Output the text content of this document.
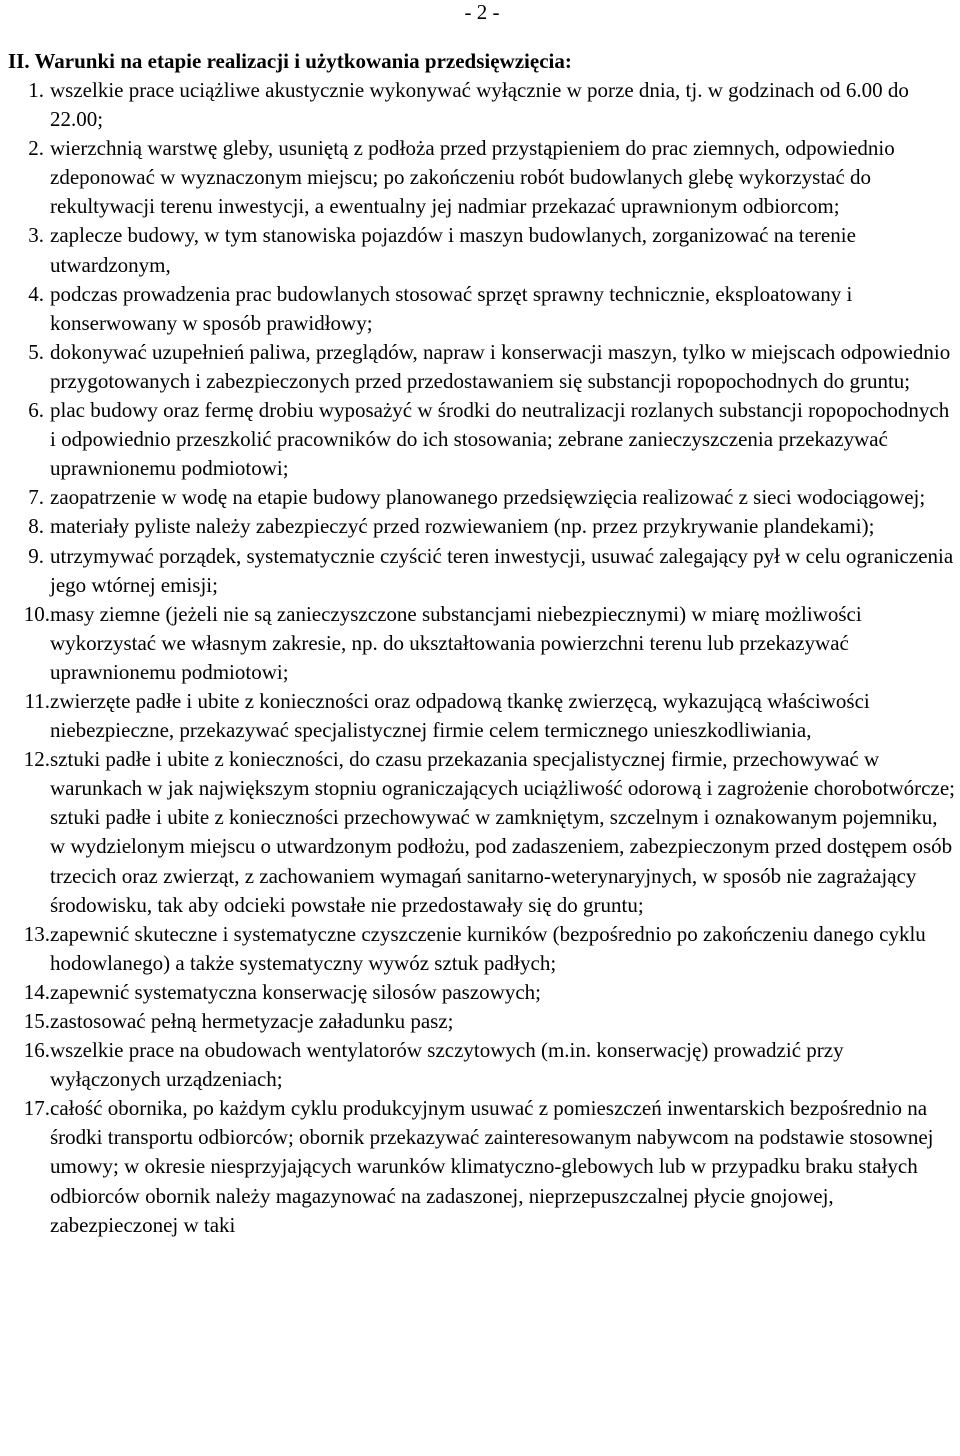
- 2 -
II. Warunki na etapie realizacji i użytkowania przedsięwzięcia:
1. wszelkie prace uciążliwe akustycznie wykonywać wyłącznie w porze dnia, tj. w godzinach od 6.00 do 22.00;
2. wierzchnią warstwę gleby, usuniętą z podłoża przed przystąpieniem do prac ziemnych, odpowiednio zdeponować w wyznaczonym miejscu; po zakończeniu robót budowlanych glebę wykorzystać do rekultywacji terenu inwestycji, a ewentualny jej nadmiar przekazać uprawnionym odbiorcom;
3. zaplecze budowy, w tym stanowiska pojazdów i maszyn budowlanych, zorganizować na terenie utwardzonym,
4. podczas prowadzenia prac budowlanych stosować sprzęt sprawny technicznie, eksploatowany i konserwowany w sposób prawidłowy;
5. dokonywać uzupełnień paliwa, przeglądów, napraw i konserwacji maszyn, tylko w miejscach odpowiednio przygotowanych i zabezpieczonych przed przedostawaniem się substancji ropopochodnych do gruntu;
6. plac budowy oraz fermę drobiu wyposażyć w środki do neutralizacji rozlanych substancji ropopochodnych i odpowiednio przeszkolić pracowników do ich stosowania; zebrane zanieczyszczenia przekazywać uprawnionemu podmiotowi;
7. zaopatrzenie w wodę na etapie budowy planowanego przedsięwzięcia realizować z sieci wodociągowej;
8. materiały pyliste należy zabezpieczyć przed rozwiewaniem (np. przez przykrywanie plandekami);
9. utrzymywać porządek, systematycznie czyścić teren inwestycji, usuwać zalegający pył w celu ograniczenia jego wtórnej emisji;
10. masy ziemne (jeżeli nie są zanieczyszczone substancjami niebezpiecznymi) w miarę możliwości wykorzystać we własnym zakresie, np. do ukształtowania powierzchni terenu lub przekazywać uprawnionemu podmiotowi;
11. zwierzęte padłe i ubite z konieczności oraz odpadową tkankę zwierzęcą, wykazującą właściwości niebezpieczne, przekazywać specjalistycznej firmie celem termicznego unieszkodliwiania,
12. sztuki padłe i ubite z konieczności, do czasu przekazania specjalistycznej firmie, przechowywać w warunkach w jak największym stopniu ograniczających uciążliwość odorową i zagrożenie chorobotwórcze; sztuki padłe i ubite z konieczności przechowywać w zamkniętym, szczelnym i oznakowanym pojemniku, w wydzielonym miejscu o utwardzonym podłożu, pod zadaszeniem, zabezpieczonym przed dostępem osób trzecich oraz zwierząt, z zachowaniem wymagań sanitarno-weterynaryjnych, w sposób nie zagrażający środowisku, tak aby odcieki powstałe nie przedostawały się do gruntu;
13. zapewnić skuteczne i systematyczne czyszczenie kurników (bezpośrednio po zakończeniu danego cyklu hodowlanego) a także systematyczny wywóz sztuk padłych;
14. zapewnić systematyczna konserwację silosów paszowych;
15. zastosować pełną hermetyzacje załadunku pasz;
16. wszelkie prace na obudowach wentylatorów szczytowych (m.in. konserwację) prowadzić przy wyłączonych urządzeniach;
17. całość obornika, po każdym cyklu produkcyjnym usuwać z pomieszczeń inwentarskich bezpośrednio na środki transportu odbiorców; obornik przekazywać zainteresowanym nabywcom na podstawie stosownej umowy; w okresie niesprzyjających warunków klimatyczno-glebowych lub w przypadku braku stałych odbiorców obornik należy magazynować na zadaszonej, nieprzepuszczalnej płycie gnojowej, zabezpieczonej w taki
